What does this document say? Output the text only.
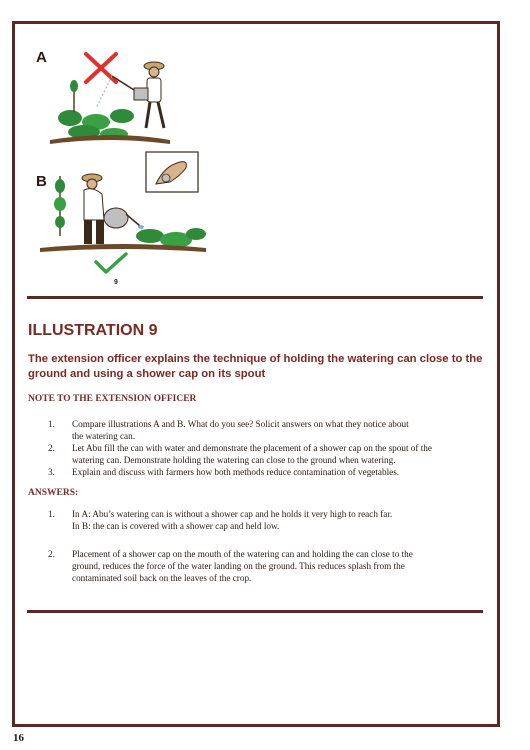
A
B
9
ILLUSTRATION 9

The extension officer explains the technique of holding the watering can close to the ground and using a shower cap on its spout

NOTE TO THE EXTENSION OFFICER

1.	Compare illustrations A and B. What do you see? Solicit answers on what they notice about
the watering can.
2.	Let Abu fill the can with water and demonstrate the placement of a shower cap on the spout of the
watering can. Demonstrate holding the watering can close to the ground when watering.
3.	Explain and discuss with farmers how both methods reduce contamination of vegetables.

ANSWERS:

1.	In A: Abu’s watering can is without a shower cap and he holds it very high to reach far.
In B: the can is covered with a shower cap and held low.
2.	Placement of a shower cap on the mouth of the watering can and holding the can close to the
ground, reduces the force of the water landing on the ground. This reduces splash from the
contaminated soil back on the leaves of the crop.
16
